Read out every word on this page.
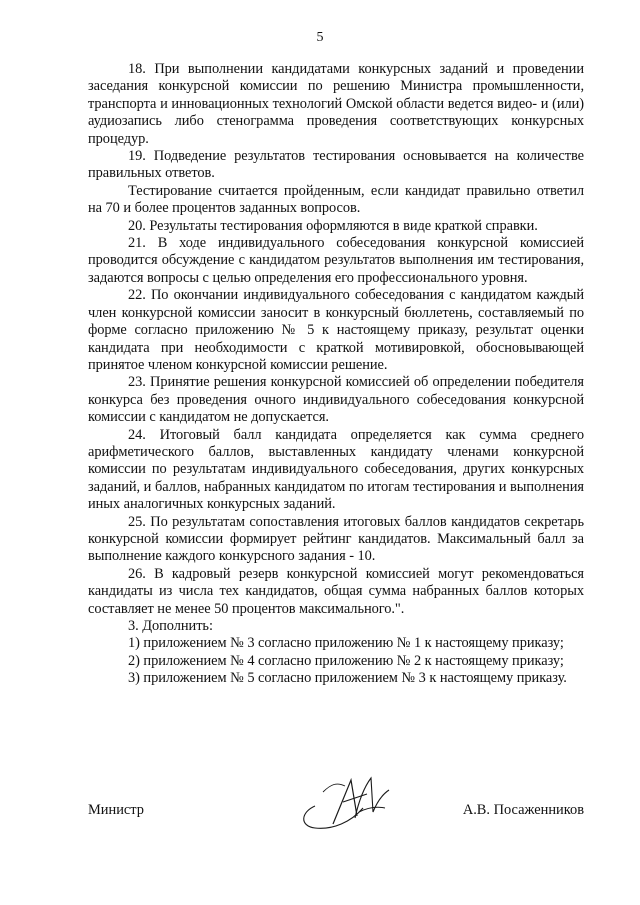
5

18. При выполнении кандидатами конкурсных заданий и проведении заседания конкурсной комиссии по решению Министра промышленности, транспорта и инновационных технологий Омской области ведется видео- и (или) аудиозапись либо стенограмма проведения соответствующих конкурсных процедур.

19. Подведение результатов тестирования основывается на количестве правильных ответов.

Тестирование считается пройденным, если кандидат правильно ответил на 70 и более процентов заданных вопросов.

20. Результаты тестирования оформляются в виде краткой справки.

21. В ходе индивидуального собеседования конкурсной комиссией проводится обсуждение с кандидатом результатов выполнения им тестирования, задаются вопросы с целью определения его профессионального уровня.

22. По окончании индивидуального собеседования с кандидатом каждый член конкурсной комиссии заносит в конкурсный бюллетень, составляемый по форме согласно приложению № 5 к настоящему приказу, результат оценки кандидата при необходимости с краткой мотивировкой, обосновывающей принятое членом конкурсной комиссии решение.

23. Принятие решения конкурсной комиссией об определении победителя конкурса без проведения очного индивидуального собеседования конкурсной комиссии с кандидатом не допускается.

24. Итоговый балл кандидата определяется как сумма среднего арифметического баллов, выставленных кандидату членами конкурсной комиссии по результатам индивидуального собеседования, других конкурсных заданий, и баллов, набранных кандидатом по итогам тестирования и выполнения иных аналогичных конкурсных заданий.

25. По результатам сопоставления итоговых баллов кандидатов секретарь конкурсной комиссии формирует рейтинг кандидатов. Максимальный балл за выполнение каждого конкурсного задания - 10.

26. В кадровый резерв конкурсной комиссией могут рекомендоваться кандидаты из числа тех кандидатов, общая сумма набранных баллов которых составляет не менее 50 процентов максимального.".

3. Дополнить:

1) приложением № 3 согласно приложению № 1 к настоящему приказу;

2) приложением № 4 согласно приложению № 2 к настоящему приказу;

3) приложением № 5 согласно приложением № 3 к настоящему приказу.

Министр	А.В. Посаженников
